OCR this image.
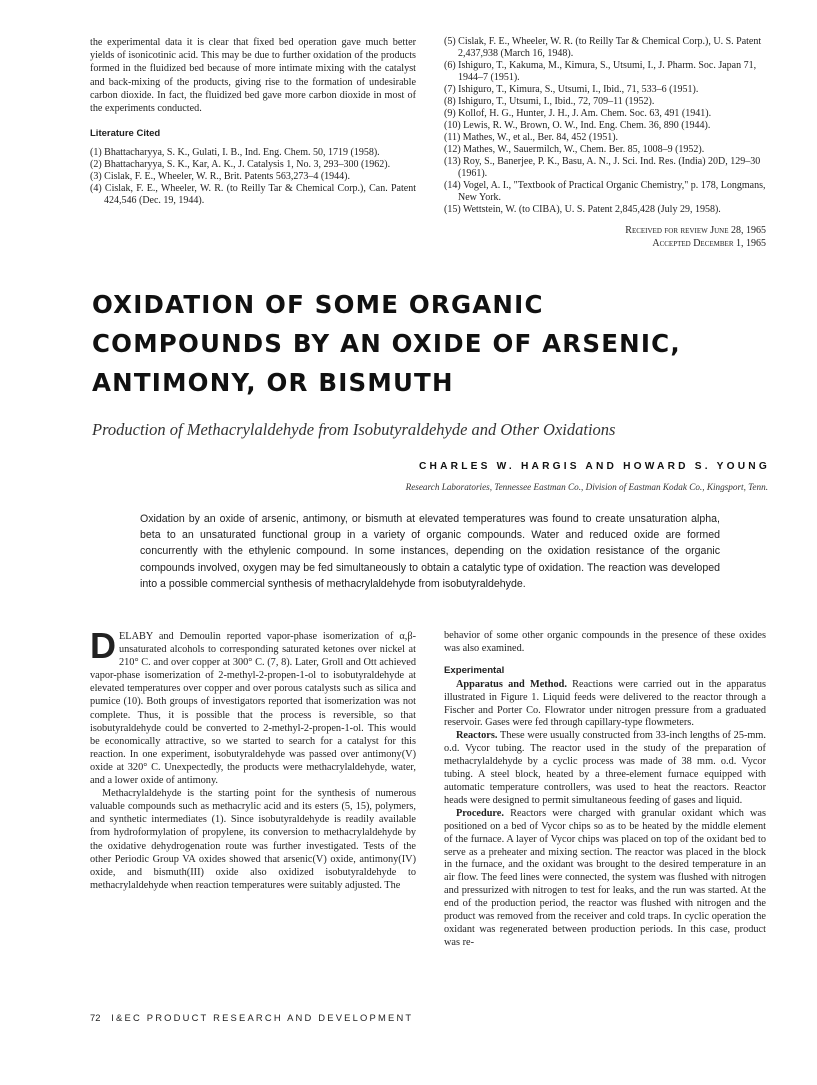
the experimental data it is clear that fixed bed operation gave much better yields of isonicotinic acid. This may be due to further oxidation of the products formed in the fluidized bed because of more intimate mixing with the catalyst and back-mixing of the products, giving rise to the formation of undesirable carbon dioxide. In fact, the fluidized bed gave more carbon dioxide in most of the experiments conducted.

Literature Cited
(1) Bhattacharyya, S. K., Gulati, I. B., Ind. Eng. Chem. 50, 1719 (1958).
(2) Bhattacharyya, S. K., Kar, A. K., J. Catalysis 1, No. 3, 293–300 (1962).
(3) Cislak, F. E., Wheeler, W. R., Brit. Patents 563,273–4 (1944).
(4) Cislak, F. E., Wheeler, W. R. (to Reilly Tar & Chemical Corp.), Can. Patent 424,546 (Dec. 19, 1944).
(5) Cislak, F. E., Wheeler, W. R. (to Reilly Tar & Chemical Corp.), U. S. Patent 2,437,938 (March 16, 1948).
(6) Ishiguro, T., Kakuma, M., Kimura, S., Utsumi, I., J. Pharm. Soc. Japan 71, 1944–7 (1951).
(7) Ishiguro, T., Kimura, S., Utsumi, I., Ibid., 71, 533–6 (1951).
(8) Ishiguro, T., Utsumi, I., Ibid., 72, 709–11 (1952).
(9) Kollof, H. G., Hunter, J. H., J. Am. Chem. Soc. 63, 491 (1941).
(10) Lewis, R. W., Brown, O. W., Ind. Eng. Chem. 36, 890 (1944).
(11) Mathes, W., et al., Ber. 84, 452 (1951).
(12) Mathes, W., Sauermilch, W., Chem. Ber. 85, 1008–9 (1952).
(13) Roy, S., Banerjee, P. K., Basu, A. N., J. Sci. Ind. Res. (India) 20D, 129–30 (1961).
(14) Vogel, A. I., "Textbook of Practical Organic Chemistry," p. 178, Longmans, New York.
(15) Wettstein, W. (to CIBA), U. S. Patent 2,845,428 (July 29, 1958).
Received for review June 28, 1965
Accepted December 1, 1965
OXIDATION OF SOME ORGANIC
COMPOUNDS BY AN OXIDE OF ARSENIC,
ANTIMONY, OR BISMUTH
Production of Methacrylaldehyde from Isobutyraldehyde and Other Oxidations
CHARLES W. HARGIS AND HOWARD S. YOUNG
Research Laboratories, Tennessee Eastman Co., Division of Eastman Kodak Co., Kingsport, Tenn.
Oxidation by an oxide of arsenic, antimony, or bismuth at elevated temperatures was found to create unsaturation alpha, beta to an unsaturated functional group in a variety of organic compounds. Water and reduced oxide are formed concurrently with the ethylenic compound. In some instances, depending on the oxidation resistance of the organic compounds involved, oxygen may be fed simultaneously to obtain a catalytic type of oxidation. The reaction was developed into a possible commercial synthesis of methacrylaldehyde from isobutyraldehyde.

DELABY and Demoulin reported vapor-phase isomerization of α,β-unsaturated alcohols to corresponding saturated ketones over nickel at 210° C. and over copper at 300° C. (7, 8). Later, Groll and Ott achieved vapor-phase isomerization of 2-methyl-2-propen-1-ol to isobutyraldehyde at elevated temperatures over copper and over porous catalysts such as silica and pumice (10). Both groups of investigators reported that isomerization was not complete. Thus, it is possible that the process is reversible, so that isobutyraldehyde could be converted to 2-methyl-2-propen-1-ol. This would be economically attractive, so we started to search for a catalyst for this reaction. In one experiment, isobutyraldehyde was passed over antimony(V) oxide at 320° C. Unexpectedly, the products were methacrylaldehyde, water, and a lower oxide of antimony.

Methacrylaldehyde is the starting point for the synthesis of numerous valuable compounds such as methacrylic acid and its esters (5, 15), polymers, and synthetic intermediates (1). Since isobutyraldehyde is readily available from hydroformylation of propylene, its conversion to methacrylaldehyde by the oxidative dehydrogenation route was further investigated. Tests of the other Periodic Group VA oxides showed that arsenic(V) oxide, antimony(IV) oxide, and bismuth(III) oxide also oxidized isobutyraldehyde to methacrylaldehyde when reaction temperatures were suitably adjusted. The

behavior of some other organic compounds in the presence of these oxides was also examined.

Experimental

Apparatus and Method. Reactions were carried out in the apparatus illustrated in Figure 1. Liquid feeds were delivered to the reactor through a Fischer and Porter Co. Flowrator under nitrogen pressure from a graduated reservoir. Gases were fed through capillary-type flowmeters.

Reactors. These were usually constructed from 33-inch lengths of 25-mm. o.d. Vycor tubing. The reactor used in the study of the preparation of methacrylaldehyde by a cyclic process was made of 38 mm. o.d. Vycor tubing. A steel block, heated by a three-element furnace equipped with automatic temperature controllers, was used to heat the reactors. Reactor heads were designed to permit simultaneous feeding of gases and liquid.

Procedure. Reactors were charged with granular oxidant which was positioned on a bed of Vycor chips so as to be heated by the middle element of the furnace. A layer of Vycor chips was placed on top of the oxidant bed to serve as a preheater and mixing section. The reactor was placed in the block in the furnace, and the oxidant was brought to the desired temperature in an air flow. The feed lines were connected, the system was flushed with nitrogen and pressurized with nitrogen to test for leaks, and the run was started. At the end of the production period, the reactor was flushed with nitrogen and the product was removed from the receiver and cold traps. In cyclic operation the oxidant was regenerated between production periods. In this case, product was re-

72 I&EC PRODUCT RESEARCH AND DEVELOPMENT
